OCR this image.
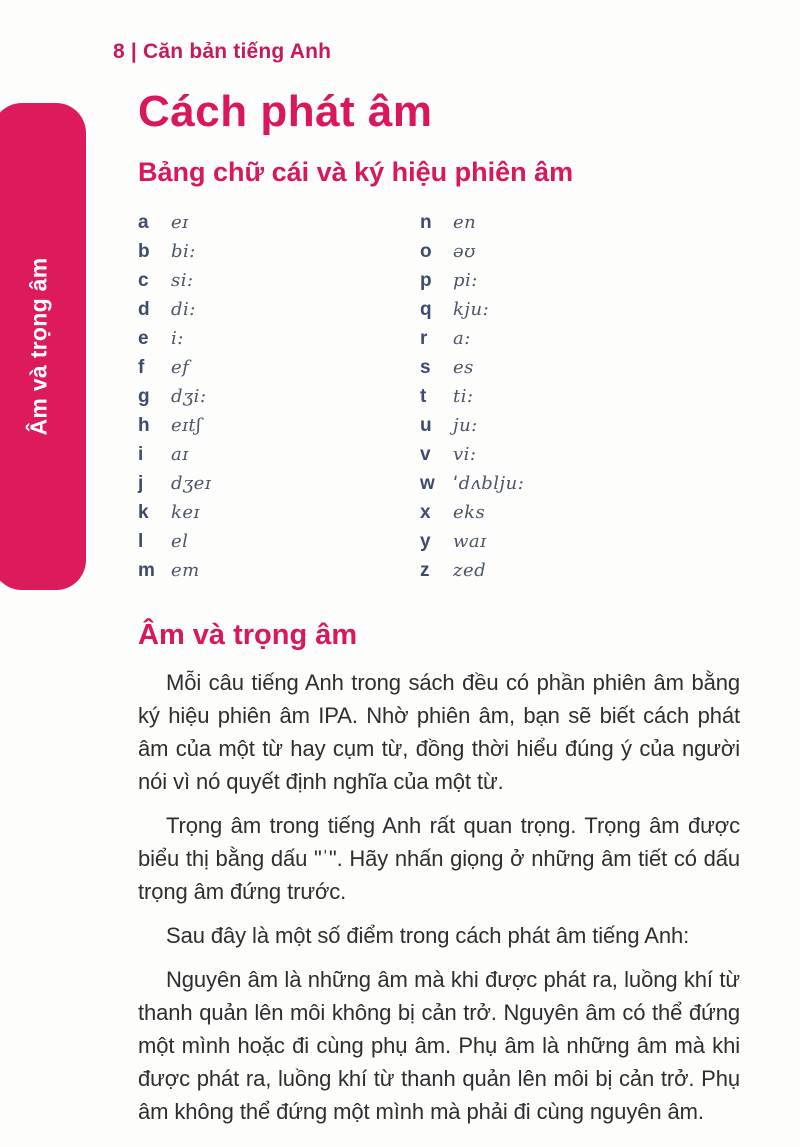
8 | Căn bản tiếng Anh
Âm và trọng âm
Cách phát âm
Bảng chữ cái và ký hiệu phiên âm
a	eɪ
b	bi:
c	si:
d	di:
e	i:
f	ef
g	dʒi:
h	eɪtʃ
i	aɪ
j	dʒeɪ
k	keɪ
l	el
m em
n	en
o	əʊ
p	pi:
q	kju:
r	a:
s	es
t	ti:
u	ju:
v	vi:
w	ˈdʌblju:
x	eks
y	waɪ
z	zed
Âm và trọng âm

Mỗi câu tiếng Anh trong sách đều có phần phiên âm bằng ký hiệu phiên âm IPA. Nhờ phiên âm, bạn sẽ biết cách phát âm của một từ hay cụm từ, đồng thời hiểu đúng ý của người nói vì nó quyết định nghĩa của một từ.

Trọng âm trong tiếng Anh rất quan trọng. Trọng âm được biểu thị bằng dấu "ˈ". Hãy nhấn giọng ở những âm tiết có dấu trọng âm đứng trước.

Sau đây là một số điểm trong cách phát âm tiếng Anh:

Nguyên âm là những âm mà khi được phát ra, luồng khí từ thanh quản lên môi không bị cản trở. Nguyên âm có thể đứng một mình hoặc đi cùng phụ âm. Phụ âm là những âm mà khi được phát ra, luồng khí từ thanh quản lên môi bị cản trở. Phụ âm không thể đứng một mình mà phải đi cùng nguyên âm.
